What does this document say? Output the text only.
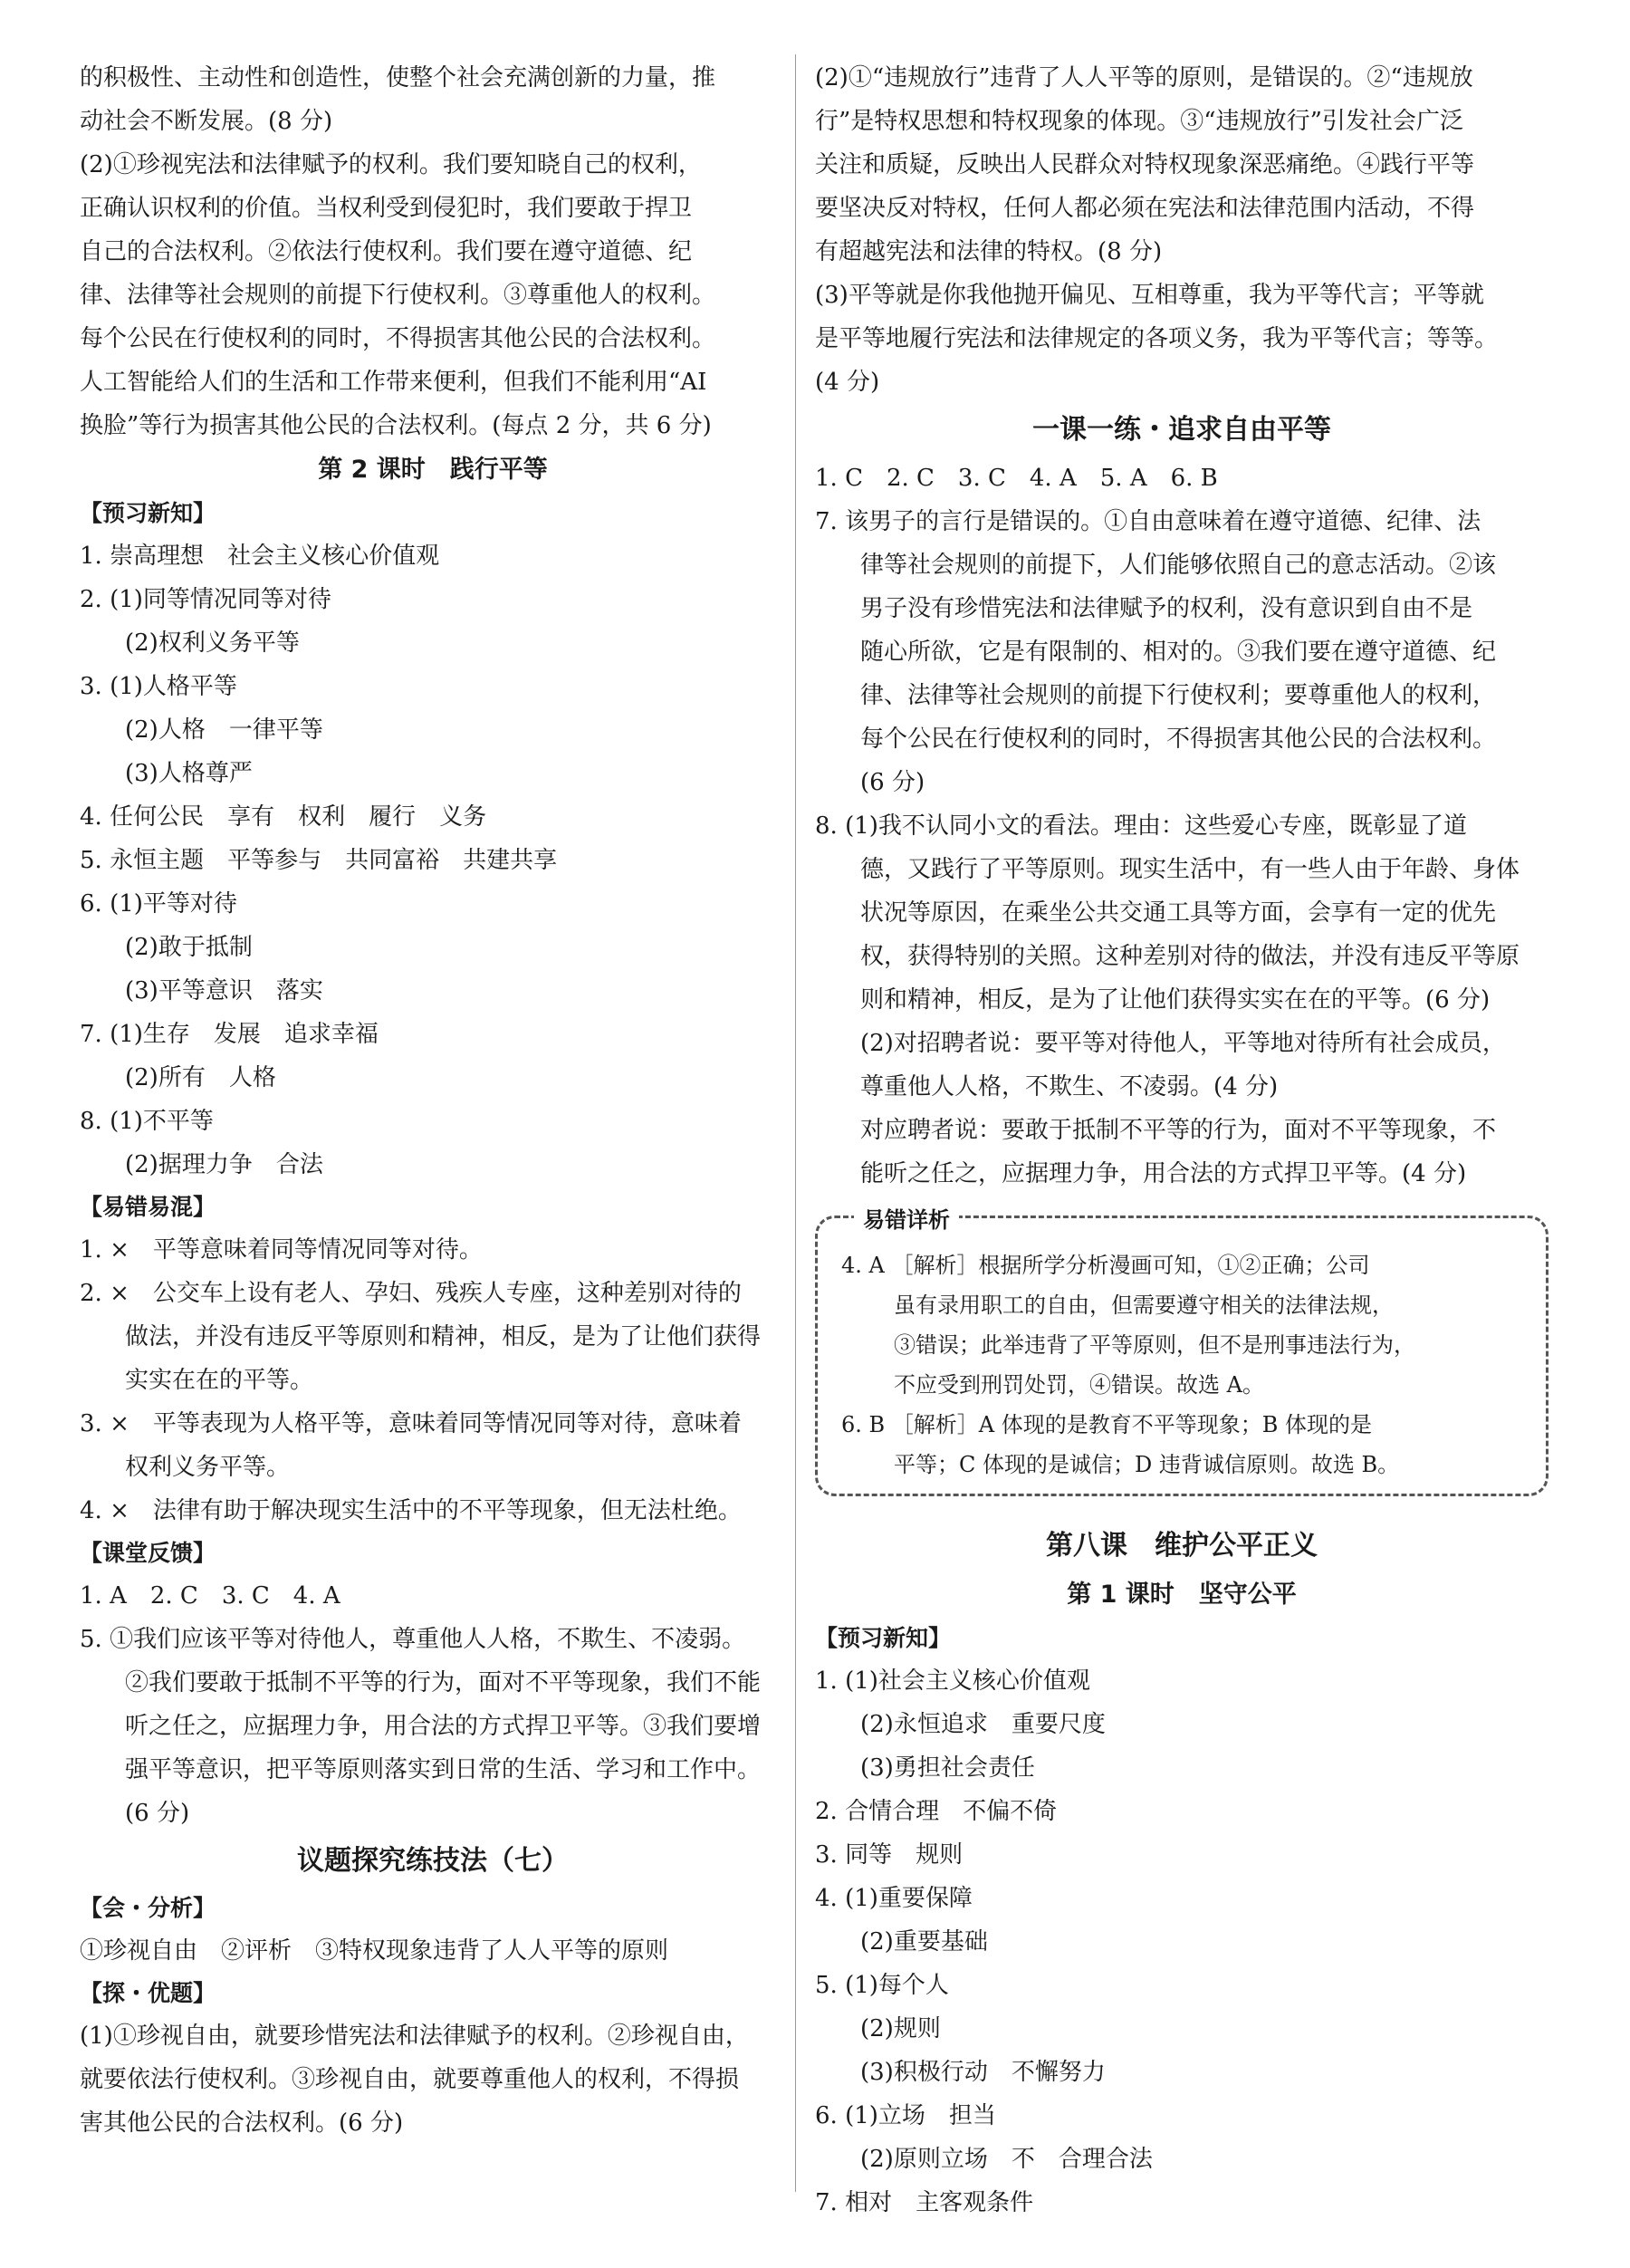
的积极性、主动性和创造性，使整个社会充满创新的力量，推
动社会不断发展。(8 分)
(2)①珍视宪法和法律赋予的权利。我们要知晓自己的权利，
正确认识权利的价值。当权利受到侵犯时，我们要敢于捍卫
自己的合法权利。②依法行使权利。我们要在遵守道德、纪
律、法律等社会规则的前提下行使权利。③尊重他人的权利。
每个公民在行使权利的同时，不得损害其他公民的合法权利。
人工智能给人们的生活和工作带来便利，但我们不能利用“AI
换脸”等行为损害其他公民的合法权利。(每点 2 分，共 6 分)
第 2 课时　践行平等
【预习新知】
1. 崇高理想　社会主义核心价值观
2. (1)同等情况同等对待
(2)权利义务平等
3. (1)人格平等
(2)人格　一律平等
(3)人格尊严
4. 任何公民　享有　权利　履行　义务
5. 永恒主题　平等参与　共同富裕　共建共享
6. (1)平等对待
(2)敢于抵制
(3)平等意识　落实
7. (1)生存　发展　追求幸福
(2)所有　人格
8. (1)不平等
(2)据理力争　合法
【易错易混】
1. ×　平等意味着同等情况同等对待。
2. ×　公交车上设有老人、孕妇、残疾人专座，这种差别对待的
做法，并没有违反平等原则和精神，相反，是为了让他们获得
实实在在的平等。
3. ×　平等表现为人格平等，意味着同等情况同等对待，意味着
权利义务平等。
4. ×　法律有助于解决现实生活中的不平等现象，但无法杜绝。
【课堂反馈】
1. A　2. C　3. C　4. A
5. ①我们应该平等对待他人，尊重他人人格，不欺生、不凌弱。
②我们要敢于抵制不平等的行为，面对不平等现象，我们不能
听之任之，应据理力争，用合法的方式捍卫平等。③我们要增
强平等意识，把平等原则落实到日常的生活、学习和工作中。
(6 分)
议题探究练技法（七）
【会・分析】
①珍视自由　②评析　③特权现象违背了人人平等的原则
【探・优题】
(1)①珍视自由，就要珍惜宪法和法律赋予的权利。②珍视自由，
就要依法行使权利。③珍视自由，就要尊重他人的权利，不得损
害其他公民的合法权利。(6 分)
(2)①“违规放行”违背了人人平等的原则，是错误的。②“违规放
行”是特权思想和特权现象的体现。③“违规放行”引发社会广泛
关注和质疑，反映出人民群众对特权现象深恶痛绝。④践行平等
要坚决反对特权，任何人都必须在宪法和法律范围内活动，不得
有超越宪法和法律的特权。(8 分)
(3)平等就是你我他抛开偏见、互相尊重，我为平等代言；平等就
是平等地履行宪法和法律规定的各项义务，我为平等代言；等等。
(4 分)
一课一练・追求自由平等
1. C　2. C　3. C　4. A　5. A　6. B
7. 该男子的言行是错误的。①自由意味着在遵守道德、纪律、法
律等社会规则的前提下，人们能够依照自己的意志活动。②该
男子没有珍惜宪法和法律赋予的权利，没有意识到自由不是
随心所欲，它是有限制的、相对的。③我们要在遵守道德、纪
律、法律等社会规则的前提下行使权利；要尊重他人的权利，
每个公民在行使权利的同时，不得损害其他公民的合法权利。
(6 分)
8. (1)我不认同小文的看法。理由：这些爱心专座，既彰显了道
德，又践行了平等原则。现实生活中，有一些人由于年龄、身体
状况等原因，在乘坐公共交通工具等方面，会享有一定的优先
权，获得特别的关照。这种差别对待的做法，并没有违反平等原
则和精神，相反，是为了让他们获得实实在在的平等。(6 分)
(2)对招聘者说：要平等对待他人，平等地对待所有社会成员，
尊重他人人格，不欺生、不凌弱。(4 分)
对应聘者说：要敢于抵制不平等的行为，面对不平等现象，不
能听之任之，应据理力争，用合法的方式捍卫平等。(4 分)
易错详析
4. A ［解析］根据所学分析漫画可知，①②正确；公司
虽有录用职工的自由，但需要遵守相关的法律法规，
③错误；此举违背了平等原则，但不是刑事违法行为，
不应受到刑罚处罚，④错误。故选 A。
6. B ［解析］A 体现的是教育不平等现象；B 体现的是
平等；C 体现的是诚信；D 违背诚信原则。故选 B。
第八课　维护公平正义
第 1 课时　坚守公平
【预习新知】
1. (1)社会主义核心价值观
(2)永恒追求　重要尺度
(3)勇担社会责任
2. 合情合理　不偏不倚
3. 同等　规则
4. (1)重要保障
(2)重要基础
5. (1)每个人
(2)规则
(3)积极行动　不懈努力
6. (1)立场　担当
(2)原则立场　不　合理合法
7. 相对　主客观条件
